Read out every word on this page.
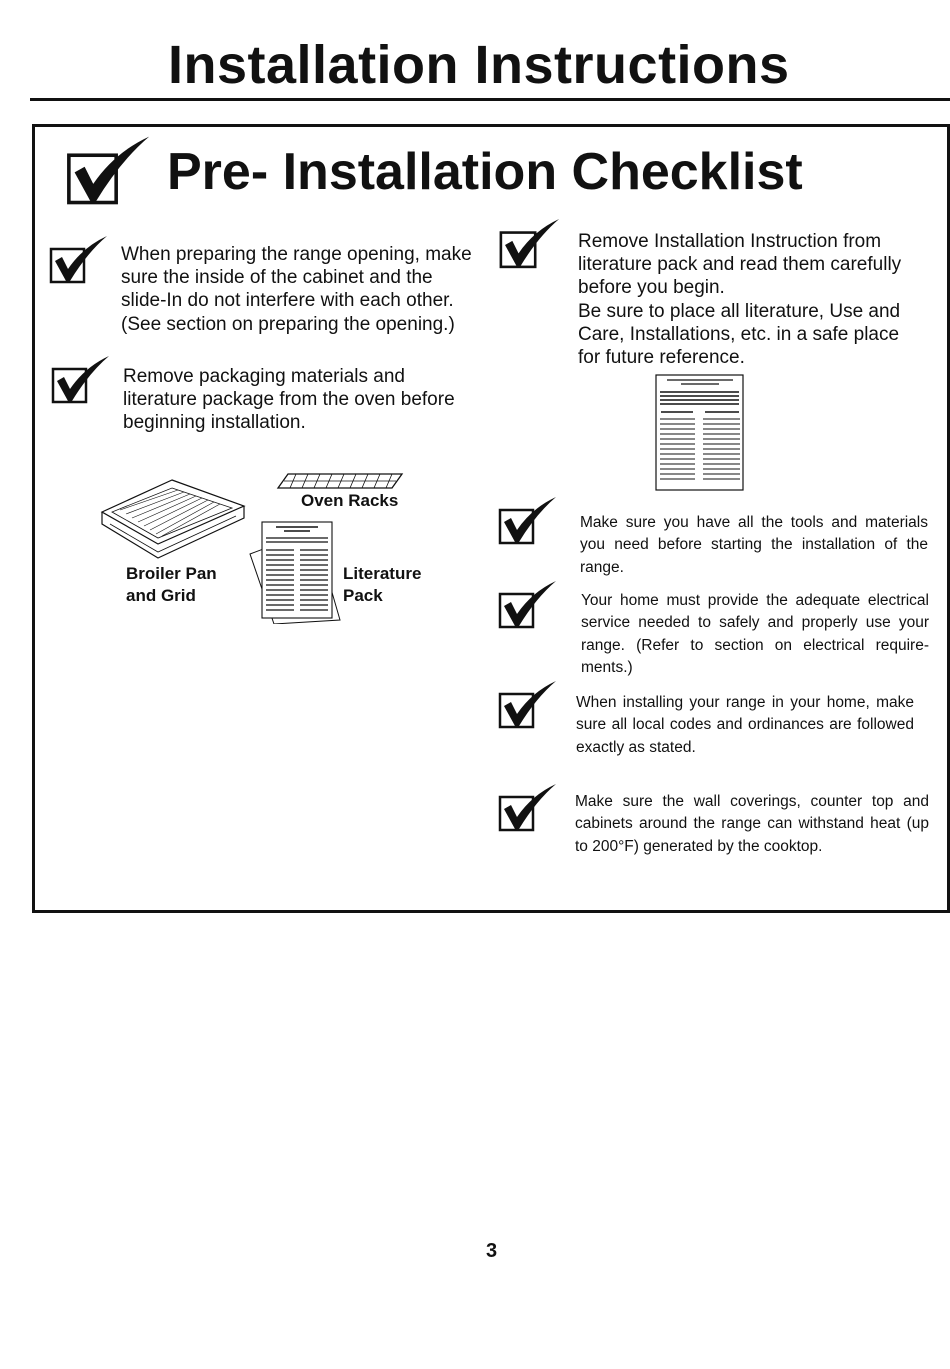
Installation Instructions
Pre- Installation Checklist
When preparing the range opening, make sure the inside of the cabinet and the slide-In do not interfere with each other. (See section on preparing the opening.)
Remove packaging materials and literature package from the oven before beginning installation.
Oven Racks
Broiler Pan
and Grid
Literature
Pack
Remove Installation Instruction from literature pack and read them carefully before you begin.
Be sure to place all literature, Use and Care, Installations, etc. in a safe place for future reference.
Make sure you have all the tools and materials you need before starting the installation of the range.
Your home must provide the adequate electrical service needed to safely and properly use your range. (Refer to section on electrical require-ments.)
When installing your range in your home, make sure all local codes and ordinances are followed exactly as stated.
Make sure the wall coverings, counter top and cabinets around the range can withstand heat (up to 200°F) generated by the cooktop.
3
